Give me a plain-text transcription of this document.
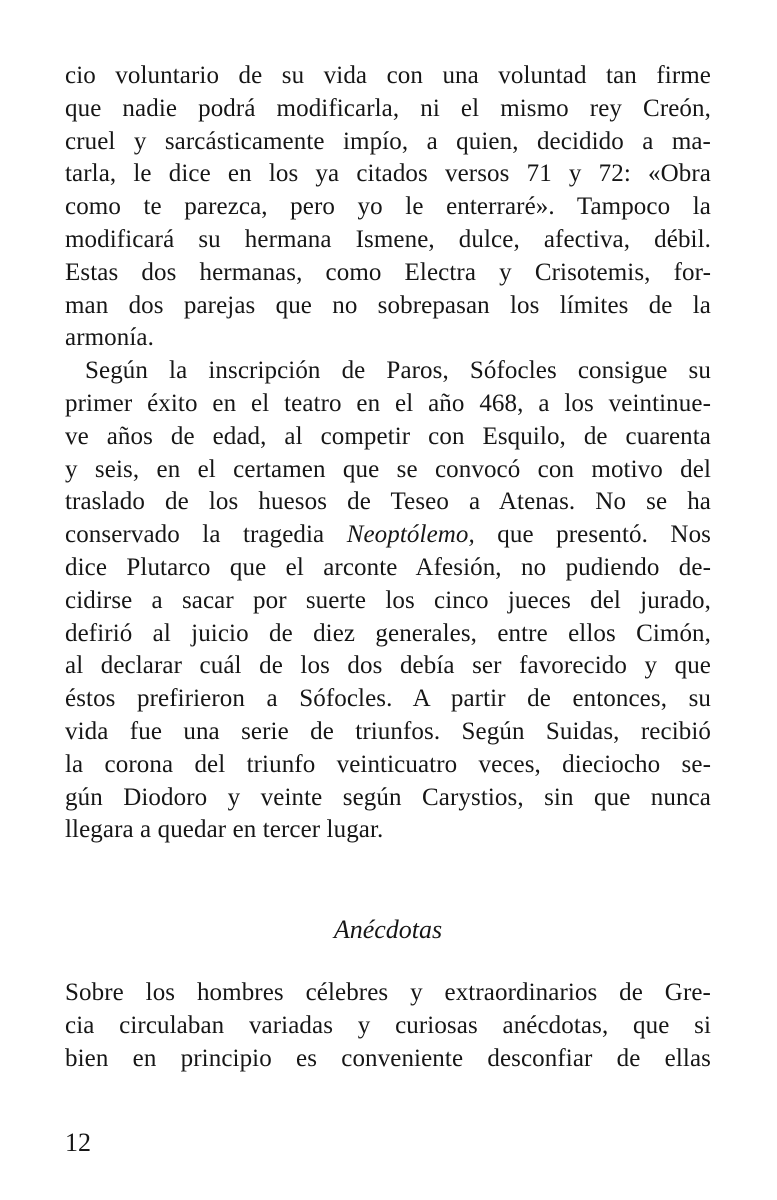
cio voluntario de su vida con una voluntad tan firme
que nadie podrá modificarla, ni el mismo rey Creón,
cruel y sarcásticamente impío, a quien, decidido a ma-
tarla, le dice en los ya citados versos 71 y 72: «Obra
como te parezca, pero yo le enterraré». Tampoco la
modificará su hermana Ismene, dulce, afectiva, débil.
Estas dos hermanas, como Electra y Crisotemis, for-
man dos parejas que no sobrepasan los límites de la
armonía.
Según la inscripción de Paros, Sófocles consigue su
primer éxito en el teatro en el año 468, a los veintinue-
ve años de edad, al competir con Esquilo, de cuarenta
y seis, en el certamen que se convocó con motivo del
traslado de los huesos de Teseo a Atenas. No se ha
conservado la tragedia Neoptólemo, que presentó. Nos
dice Plutarco que el arconte Afesión, no pudiendo de-
cidirse a sacar por suerte los cinco jueces del jurado,
defirió al juicio de diez generales, entre ellos Cimón,
al declarar cuál de los dos debía ser favorecido y que
éstos prefirieron a Sófocles. A partir de entonces, su
vida fue una serie de triunfos. Según Suidas, recibió
la corona del triunfo veinticuatro veces, dieciocho se-
gún Diodoro y veinte según Carystios, sin que nunca
llegara a quedar en tercer lugar.
Anécdotas
Sobre los hombres célebres y extraordinarios de Gre-
cia circulaban variadas y curiosas anécdotas, que si
bien en principio es conveniente desconfiar de ellas
12
